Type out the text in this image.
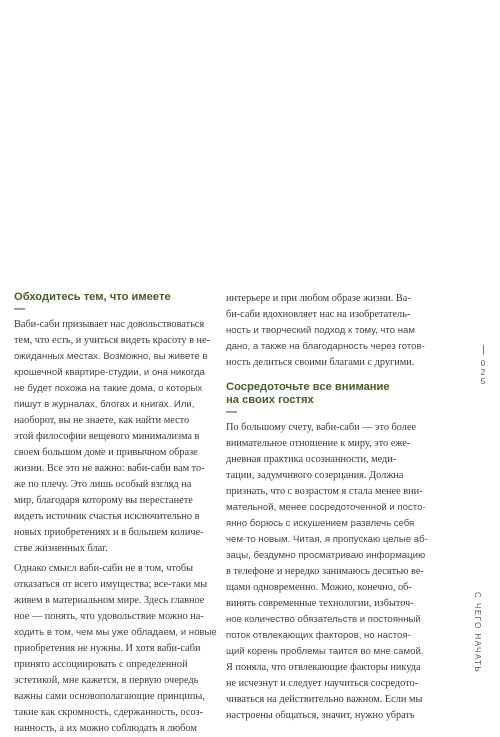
Обходитесь тем, что имеете
—
Ваби-саби призывает нас довольствоваться
тем, что есть, и учиться видеть красоту в не-
ожиданных местах. Возможно, вы живете в
крошечной квартире-студии, и она никогда
не будет похожа на такие дома, о которых
пишут в журналах, блогах и книгах. Или,
наоборот, вы не знаете, как найти место
этой философии вещевого минимализма в
своем большом доме и привычном образе
жизни. Все это не важно: ваби-саби вам то-
же по плечу. Это лишь особый взгляд на
мир, благодаря которому вы перестанете
видеть источник счастья исключительно в
новых приобретениях и в большем количе-
стве жизненных благ.
Однако смысл ваби-саби не в том, чтобы
отказаться от всего имущества; все-таки мы
живем в материальном мире. Здесь главное
ное — понять, что удовольствие можно на-
ходить в том, чем мы уже обладаем, и новые
приобретения не нужны. И хотя ваби-саби
принято ассоциировать с определенной
эстетикой, мне кажется, в первую очередь
важны сами основополагающие принципы,
такие как скромность, сдержанность, осоз-
нанность, а их можно соблюдать в любом
интерьере и при любом образе жизни. Ва-
би-саби вдохновляет нас на изобретатель-
ность и творческий подход к тому, что нам
дано, а также на благодарность через готов-
ность делиться своими благами с другими.
Сосредоточьте все внимание
на своих гостях
—
По большому счету, ваби-саби — это более
внимательное отношение к миру, это еже-
дневная практика осознанности, меди-
тации, задумчивого созерцания. Должна
признать, что с возрастом я стала менее вни-
мательной, менее сосредоточенной и посто-
янно борюсь с искушением развлечь себя
чем-то новым. Читая, я пропускаю целые аб-
зацы, бездумно просматриваю информацию
в телефоне и нередко занимаюсь десятью ве-
щами одновременно. Можно, конечно, об-
винять современные технологии, избыточ-
ное количество обязательств и постоянный
поток отвлекающих факторов, но настоя-
щий корень проблемы таится во мне самой.
Я поняла, что отвлекающие факторы никуда
не исчезнут и следует научиться сосредото-
чиваться на действительно важном. Если мы
настроены общаться, значит, нужно убрать
0
2
5
С ЧЕГО НАЧАТЬ
